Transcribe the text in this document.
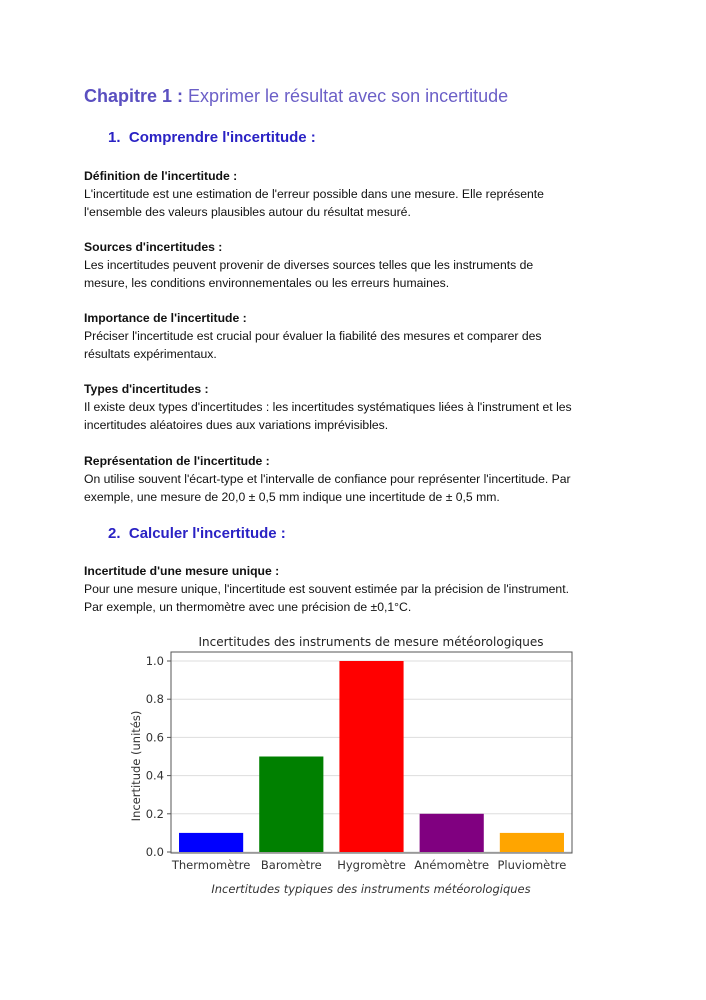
Chapitre 1 : Exprimer le résultat avec son incertitude
1. Comprendre l'incertitude :
Définition de l'incertitude :
L'incertitude est une estimation de l'erreur possible dans une mesure. Elle représente
l'ensemble des valeurs plausibles autour du résultat mesuré.
Sources d'incertitudes :
Les incertitudes peuvent provenir de diverses sources telles que les instruments de
mesure, les conditions environnementales ou les erreurs humaines.
Importance de l'incertitude :
Préciser l'incertitude est crucial pour évaluer la fiabilité des mesures et comparer des
résultats expérimentaux.
Types d'incertitudes :
Il existe deux types d'incertitudes : les incertitudes systématiques liées à l'instrument et les
incertitudes aléatoires dues aux variations imprévisibles.
Représentation de l'incertitude :
On utilise souvent l'écart-type et l'intervalle de confiance pour représenter l'incertitude. Par
exemple, une mesure de 20,0 ± 0,5 mm indique une incertitude de ± 0,5 mm.
2. Calculer l'incertitude :
Incertitude d'une mesure unique :
Pour une mesure unique, l'incertitude est souvent estimée par la précision de l'instrument.
Par exemple, un thermomètre avec une précision de ±0,1°C.
Incertitudes des instruments de mesure météorologiques
Incertitude (unités)
0.0
0.2
0.4
0.6
0.8
1.0
Thermomètre Baromètre Hygromètre Anémomètre Pluviomètre
Incertitudes typiques des instruments météorologiques
